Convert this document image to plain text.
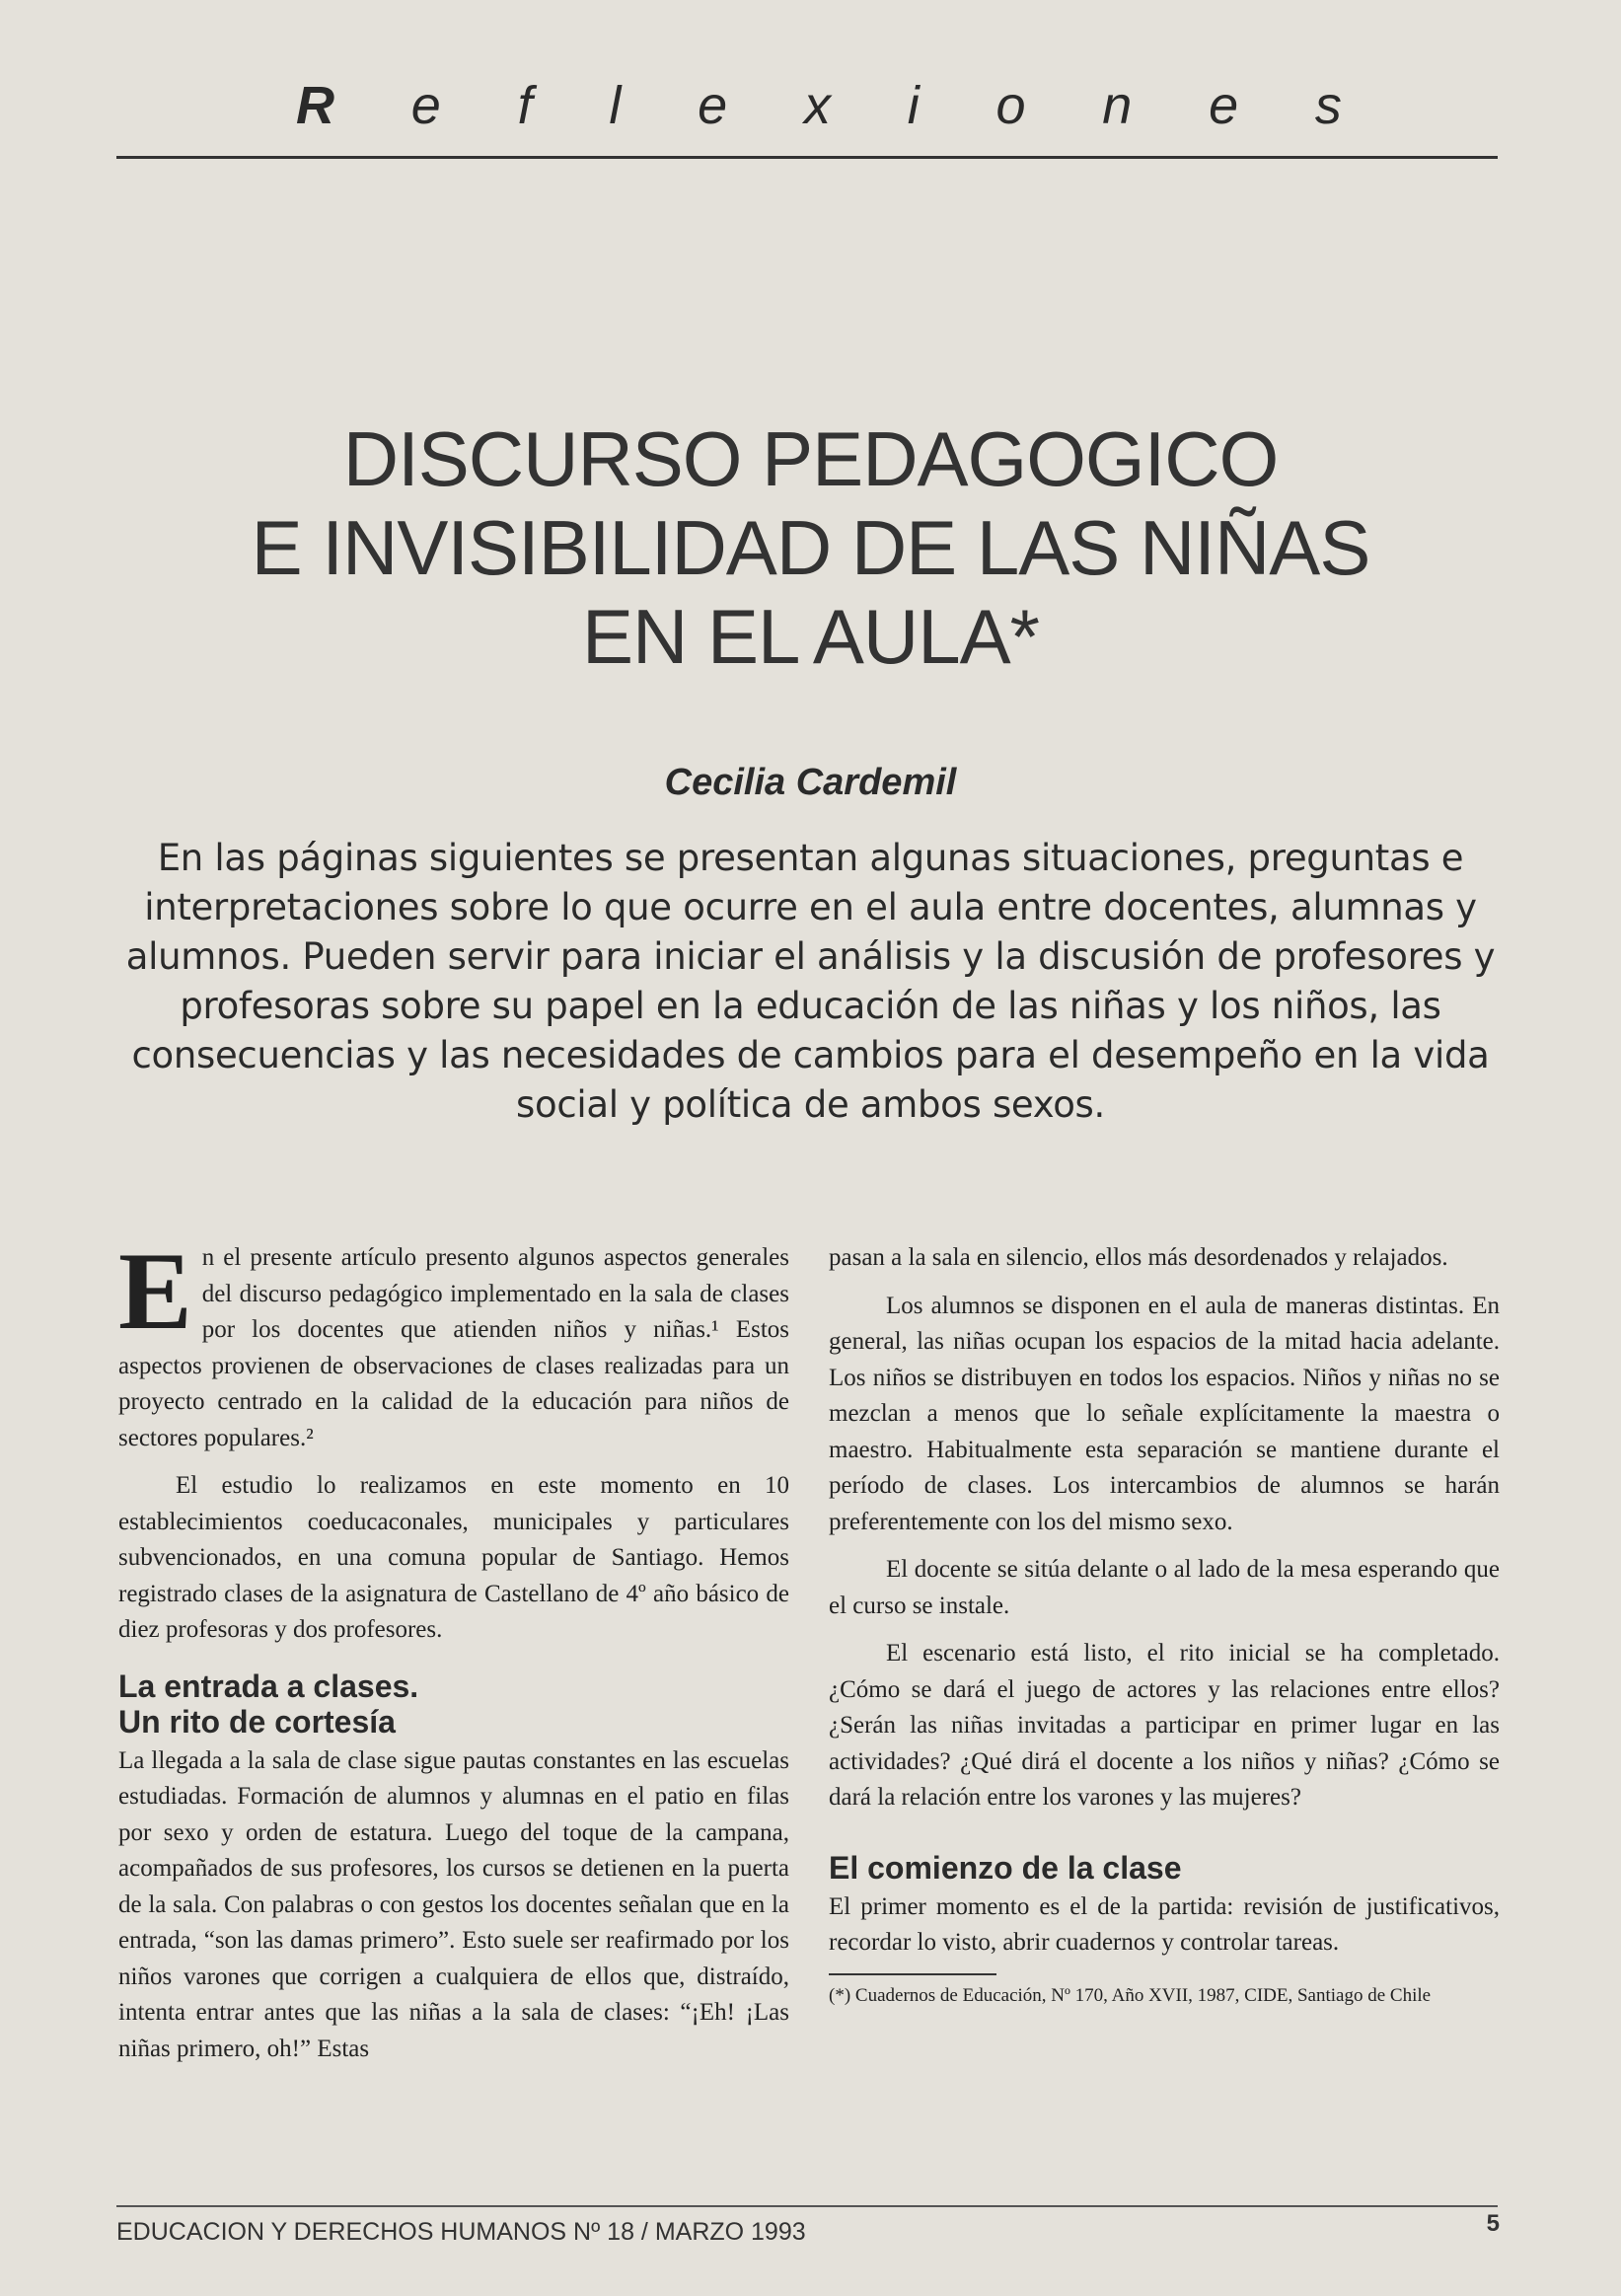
R e f l e x i o n e s
DISCURSO PEDAGOGICO
E INVISIBILIDAD DE LAS NIÑAS
EN EL AULA*
Cecilia Cardemil
En las páginas siguientes se presentan algunas situaciones, preguntas e interpretaciones sobre lo que ocurre en el aula entre docentes, alumnas y alumnos. Pueden servir para iniciar el análisis y la discusión de profesores y profesoras sobre su papel en la educación de las niñas y los niños, las consecuencias y las necesidades de cambios para el desempeño en la vida social y política de ambos sexos.

En el presente artículo presento algunos aspectos generales del discurso pedagógico implementado en la sala de clases por los docentes que atienden niños y niñas.¹ Estos aspectos provienen de observaciones de clases realizadas para un proyecto centrado en la calidad de la educación para niños de sectores populares.²

El estudio lo realizamos en este momento en 10 establecimientos coeducaconales, municipales y particulares subvencionados, en una comuna popular de Santiago. Hemos registrado clases de la asignatura de Castellano de 4º año básico de diez profesoras y dos profesores.

La entrada a clases.
Un rito de cortesía

La llegada a la sala de clase sigue pautas constantes en las escuelas estudiadas. Formación de alumnos y alumnas en el patio en filas por sexo y orden de estatura. Luego del toque de la campana, acompañados de sus profesores, los cursos se detienen en la puerta de la sala. Con palabras o con gestos los docentes señalan que en la entrada, “son las damas primero”. Esto suele ser reafirmado por los niños varones que corrigen a cualquiera de ellos que, distraído, intenta entrar antes que las niñas a la sala de clases: “¡Eh! ¡Las niñas primero, oh!” Estas

pasan a la sala en silencio, ellos más desordenados y relajados.

Los alumnos se disponen en el aula de maneras distintas. En general, las niñas ocupan los espacios de la mitad hacia adelante. Los niños se distribuyen en todos los espacios. Niños y niñas no se mezclan a menos que lo señale explícitamente la maestra o maestro. Habitualmente esta separación se mantiene durante el período de clases. Los intercambios de alumnos se harán preferentemente con los del mismo sexo.

El docente se sitúa delante o al lado de la mesa esperando que el curso se instale.

El escenario está listo, el rito inicial se ha completado. ¿Cómo se dará el juego de actores y las relaciones entre ellos? ¿Serán las niñas invitadas a participar en primer lugar en las actividades? ¿Qué dirá el docente a los niños y niñas? ¿Cómo se dará la relación entre los varones y las mujeres?

El comienzo de la clase

El primer momento es el de la partida: revisión de justificativos, recordar lo visto, abrir cuadernos y controlar tareas.

(*) Cuadernos de Educación, Nº 170, Año XVII, 1987, CIDE, Santiago de Chile

EDUCACION Y DERECHOS HUMANOS Nº 18 / MARZO 1993	5
